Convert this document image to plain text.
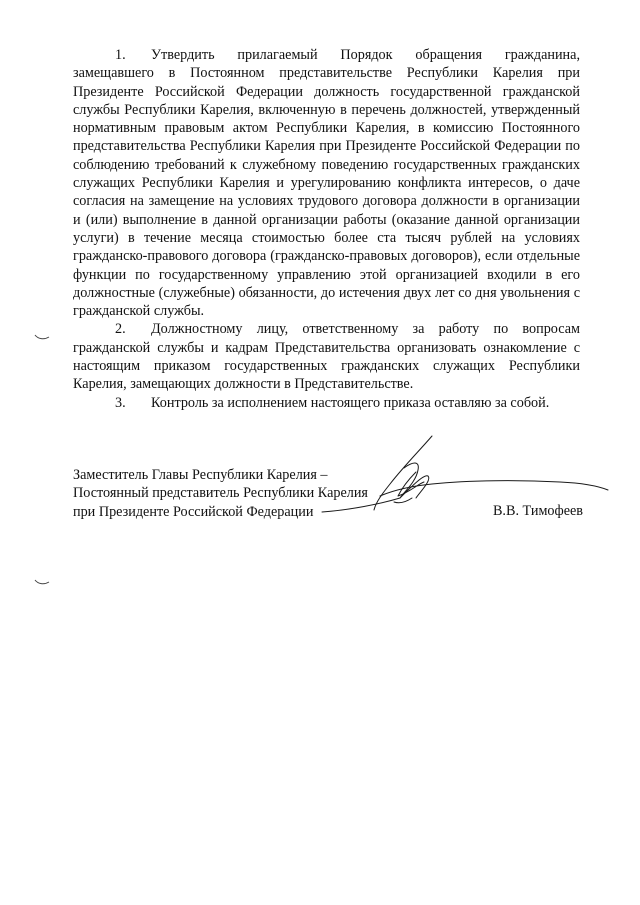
1. Утвердить прилагаемый Порядок обращения гражданина, замещавшего в Постоянном представительстве Республики Карелия при Президенте Российской Федерации должность государственной гражданской службы Республики Карелия, включенную в перечень должностей, утвержденный нормативным правовым актом Республики Карелия, в комиссию Постоянного представительства Республики Карелия при Президенте Российской Федерации по соблюдению требований к служебному поведению государственных гражданских служащих Республики Карелия и урегулированию конфликта интересов, о даче согласия на замещение на условиях трудового договора должности в организации и (или) выполнение в данной организации работы (оказание данной организации услуги) в течение месяца стоимостью более ста тысяч рублей на условиях гражданско-правового договора (гражданско-правовых договоров), если отдельные функции по государственному управлению этой организацией входили в его должностные (служебные) обязанности, до истечения двух лет со дня увольнения с гражданской службы.

2. Должностному лицу, ответственному за работу по вопросам гражданской службы и кадрам Представительства организовать ознакомление с настоящим приказом государственных гражданских служащих Республики Карелия, замещающих должности в Представительстве.

3. Контроль за исполнением настоящего приказа оставляю за собой.

Заместитель Главы Республики Карелия –

Постоянный представитель Республики Карелия

при Президенте Российской Федерации	В.В. Тимофеев
